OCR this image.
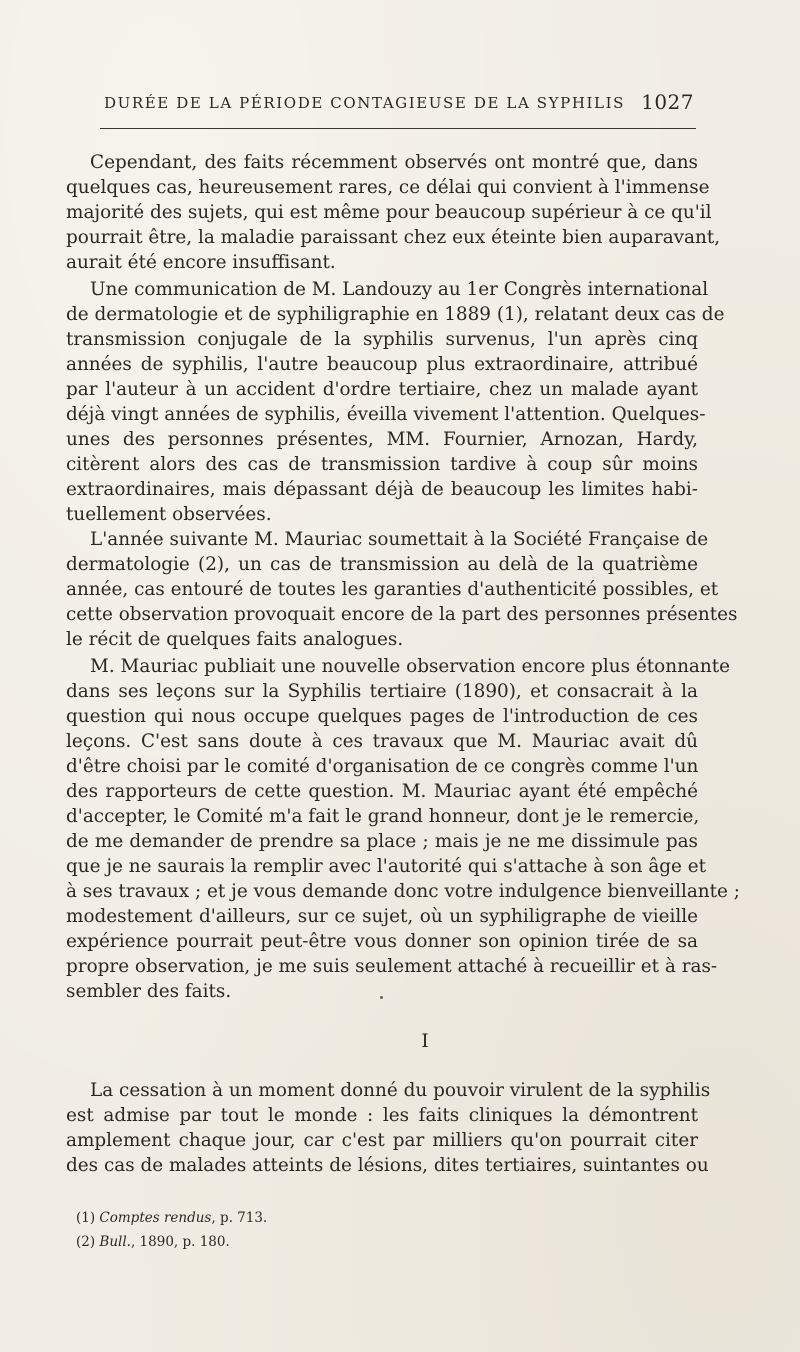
DURÉE DE LA PÉRIODE CONTAGIEUSE DE LA SYPHILIS 1027
Cependant, des faits récemment observés ont montré que, dans
quelques cas, heureusement rares, ce délai qui convient à l'immense
majorité des sujets, qui est même pour beaucoup supérieur à ce qu'il
pourrait être, la maladie paraissant chez eux éteinte bien auparavant,
aurait été encore insuffisant.
Une communication de M. Landouzy au 1er Congrès international
de dermatologie et de syphiligraphie en 1889 (1), relatant deux cas de
transmission conjugale de la syphilis survenus, l'un après cinq
années de syphilis, l'autre beaucoup plus extraordinaire, attribué
par l'auteur à un accident d'ordre tertiaire, chez un malade ayant
déjà vingt années de syphilis, éveilla vivement l'attention. Quelques-
unes des personnes présentes, MM. Fournier, Arnozan, Hardy,
citèrent alors des cas de transmission tardive à coup sûr moins
extraordinaires, mais dépassant déjà de beaucoup les limites habi-
tuellement observées.
L'année suivante M. Mauriac soumettait à la Société Française de
dermatologie (2), un cas de transmission au delà de la quatrième
année, cas entouré de toutes les garanties d'authenticité possibles, et
cette observation provoquait encore de la part des personnes présentes
le récit de quelques faits analogues.
M. Mauriac publiait une nouvelle observation encore plus étonnante
dans ses leçons sur la Syphilis tertiaire (1890), et consacrait à la
question qui nous occupe quelques pages de l'introduction de ces
leçons. C'est sans doute à ces travaux que M. Mauriac avait dû
d'être choisi par le comité d'organisation de ce congrès comme l'un
des rapporteurs de cette question. M. Mauriac ayant été empêché
d'accepter, le Comité m'a fait le grand honneur, dont je le remercie,
de me demander de prendre sa place ; mais je ne me dissimule pas
que je ne saurais la remplir avec l'autorité qui s'attache à son âge et
à ses travaux ; et je vous demande donc votre indulgence bienveillante ;
modestement d'ailleurs, sur ce sujet, où un syphiligraphe de vieille
expérience pourrait peut-être vous donner son opinion tirée de sa
propre observation, je me suis seulement attaché à recueillir et à ras-
sembler des faits.
I
La cessation à un moment donné du pouvoir virulent de la syphilis
est admise par tout le monde : les faits cliniques la démontrent
amplement chaque jour, car c'est par milliers qu'on pourrait citer
des cas de malades atteints de lésions, dites tertiaires, suintantes ou
(1) Comptes rendus, p. 713.
(2) Bull., 1890, p. 180.
